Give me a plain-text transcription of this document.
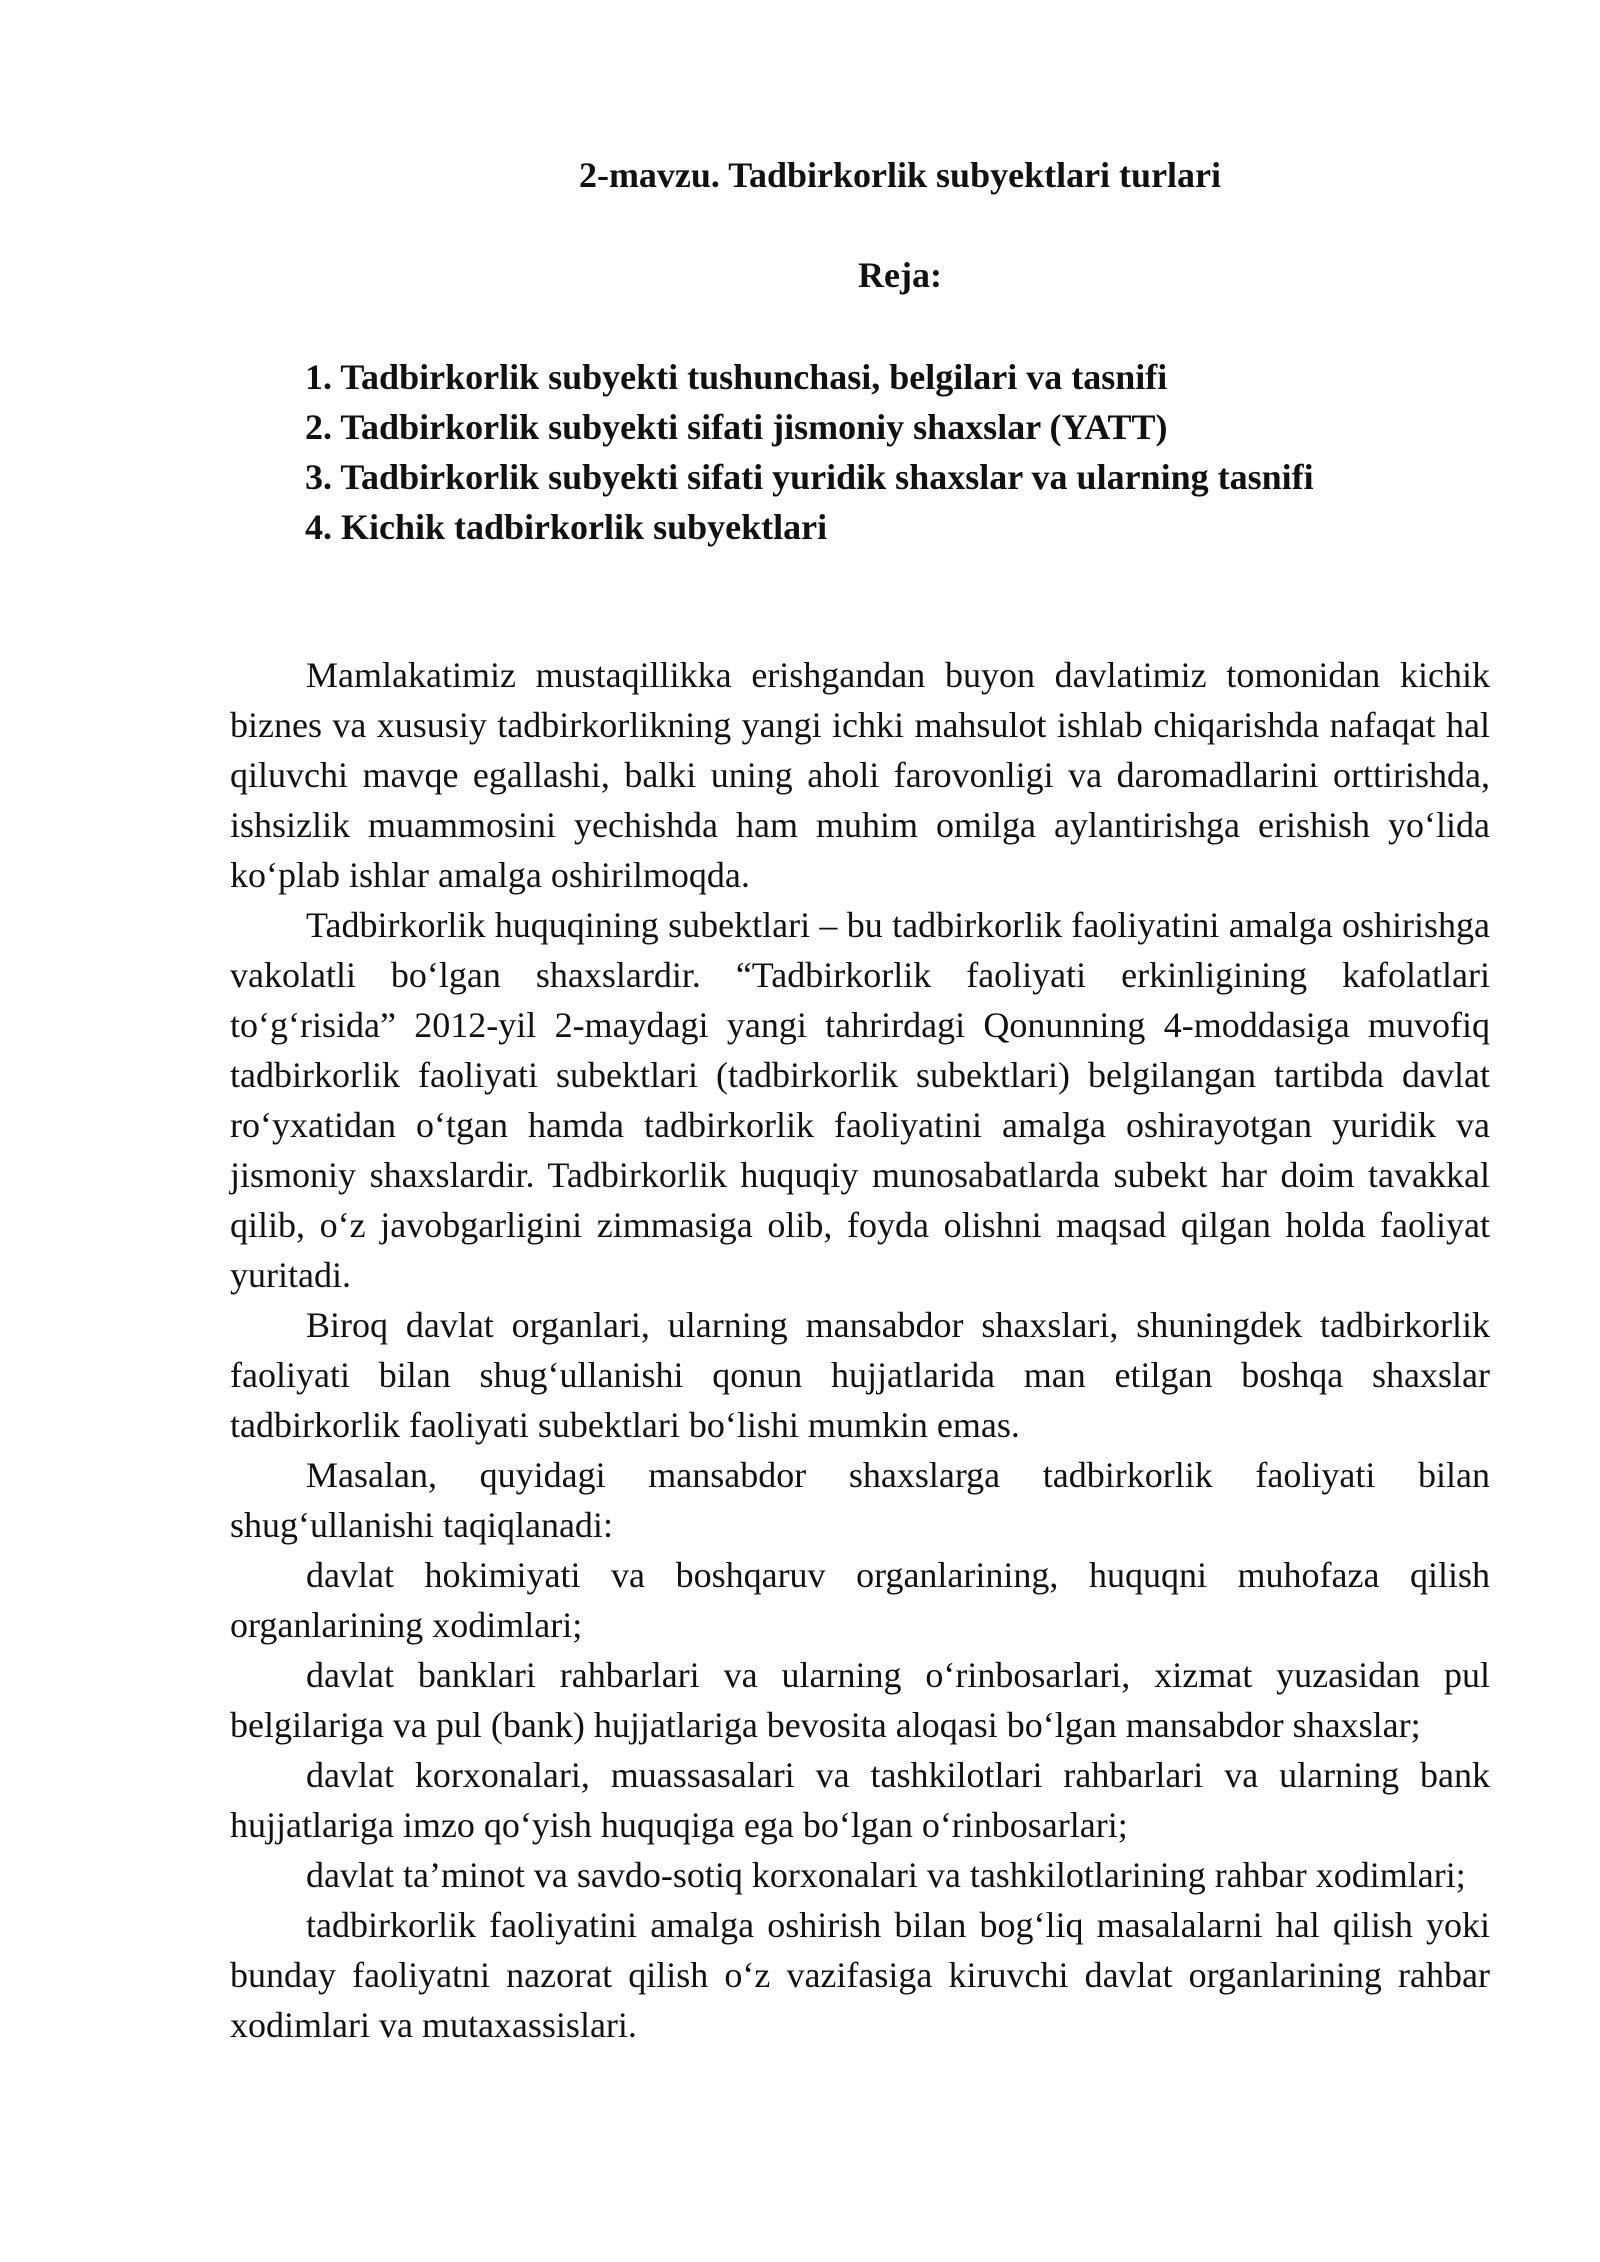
2-mavzu. Tadbirkorlik subyektlari turlari
Reja:
1. Tadbirkorlik subyekti tushunchasi, belgilari va tasnifi
2. Tadbirkorlik subyekti sifati jismoniy shaxslar (YATT)
3. Tadbirkorlik subyekti sifati yuridik shaxslar va ularning tasnifi
4. Kichik tadbirkorlik subyektlari

Mamlakatimiz mustaqillikka erishgandan buyon davlatimiz tomonidan kichik biznes va xususiy tadbirkorlikning yangi ichki mahsulot ishlab chiqarishda nafaqat hal qiluvchi mavqe egallashi, balki uning aholi farovonligi va daromadlarini orttirishda, ishsizlik muammosini yechishda ham muhim omilga aylantirishga erishish yo‘lida ko‘plab ishlar amalga oshirilmoqda.

Tadbirkorlik huquqining subektlari – bu tadbirkorlik faoliyatini amalga oshirishga vakolatli bo‘lgan shaxslardir. “Tadbirkorlik faoliyati erkinligining kafolatlari to‘g‘risida” 2012-yil 2-maydagi yangi tahrirdagi Qonunning 4-moddasiga muvofiq tadbirkorlik faoliyati subektlari (tadbirkorlik subektlari) belgilangan tartibda davlat ro‘yxatidan o‘tgan hamda tadbirkorlik faoliyatini amalga oshirayotgan yuridik va jismoniy shaxslardir. Tadbirkorlik huquqiy munosabatlarda subekt har doim tavakkal qilib, o‘z javobgarligini zimmasiga olib, foyda olishni maqsad qilgan holda faoliyat yuritadi.

Biroq davlat organlari, ularning mansabdor shaxslari, shuningdek tadbirkorlik faoliyati bilan shug‘ullanishi qonun hujjatlarida man etilgan boshqa shaxslar tadbirkorlik faoliyati subektlari bo‘lishi mumkin emas.

Masalan, quyidagi mansabdor shaxslarga tadbirkorlik faoliyati bilan shug‘ullanishi taqiqlanadi:

davlat hokimiyati va boshqaruv organlarining, huquqni muhofaza qilish organlarining xodimlari;

davlat banklari rahbarlari va ularning o‘rinbosarlari, xizmat yuzasidan pul belgilariga va pul (bank) hujjatlariga bevosita aloqasi bo‘lgan mansabdor shaxslar;

davlat korxonalari, muassasalari va tashkilotlari rahbarlari va ularning bank hujjatlariga imzo qo‘yish huquqiga ega bo‘lgan o‘rinbosarlari;

davlat ta’minot va savdo-sotiq korxonalari va tashkilotlarining rahbar xodimlari;

tadbirkorlik faoliyatini amalga oshirish bilan bog‘liq masalalarni hal qilish yoki bunday faoliyatni nazorat qilish o‘z vazifasiga kiruvchi davlat organlarining rahbar xodimlari va mutaxassislari.
